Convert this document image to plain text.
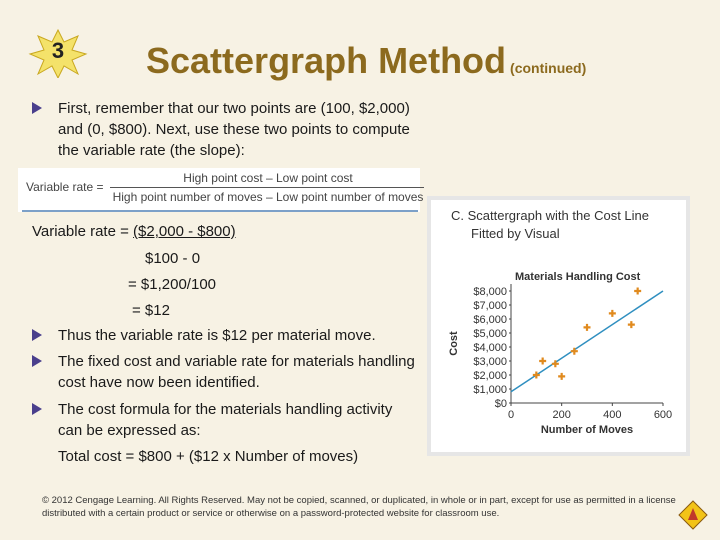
3	Scattergraph Method (continued)
First, remember that our two points are (100, $2,000) and (0, $800). Next, use these two points to compute the variable rate (the slope):
Variable rate =
High point cost – Low point cost
High point number of moves – Low point number of moves
Variable rate = ($2,000 - $800)
$100 - 0
= $1,200/100
= $12
Thus the variable rate is $12 per material move.
The fixed cost and variable rate for materials handling cost have now been identified.
The cost formula for the materials handling activity can be expressed as:
Total cost = $800 + ($12 x Number of moves)
C. Scattergraph with the Cost Line
Fitted by Visual
Materials Handling Cost
$0
$1,000
$2,000
$3,000
$4,000
$5,000
$6,000
$7,000
$8,000
0	200	400	600
Number of Moves
Cost
© 2012 Cengage Learning. All Rights Reserved. May not be copied, scanned, or duplicated, in whole or in part, except for use as permitted in a license distributed with a certain product or service or otherwise on a password-protected website for classroom use.
